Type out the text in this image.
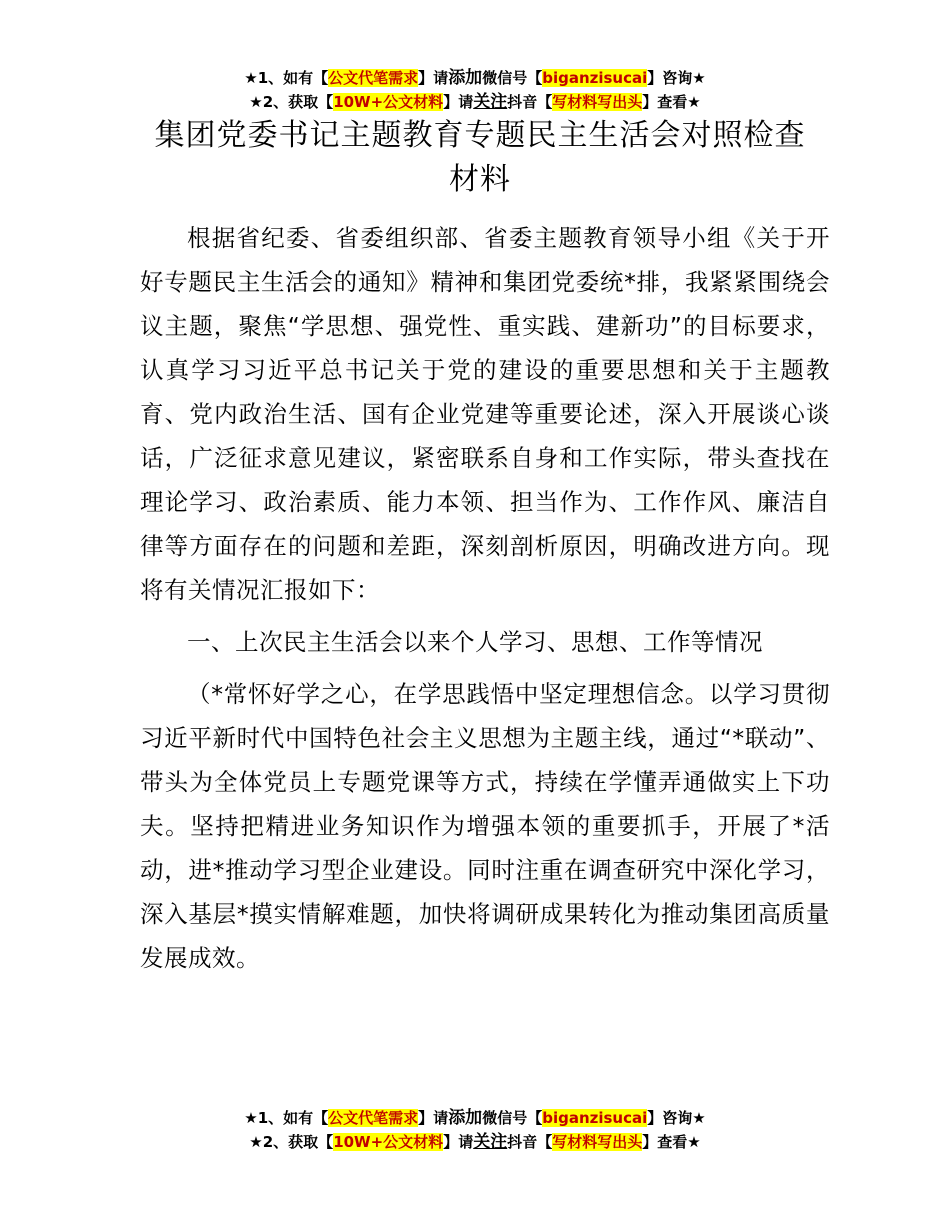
★1、如有【公文代笔需求】请添加微信号【biganzisucai】咨询★
★2、获取【10W+公文材料】请关注抖音【写材料写出头】查看★
集团党委书记主题教育专题民主生活会对照检查材料

根据省纪委、省委组织部、省委主题教育领导小组《关于开好专题民主生活会的通知》精神和集团党委统*排，我紧紧围绕会议主题，聚焦“学思想、强党性、重实践、建新功”的目标要求，认真学习习近平总书记关于党的建设的重要思想和关于主题教育、党内政治生活、国有企业党建等重要论述，深入开展谈心谈话，广泛征求意见建议，紧密联系自身和工作实际，带头查找在理论学习、政治素质、能力本领、担当作为、工作作风、廉洁自律等方面存在的问题和差距，深刻剖析原因，明确改进方向。现将有关情况汇报如下：

一、上次民主生活会以来个人学习、思想、工作等情况

（*常怀好学之心，在学思践悟中坚定理想信念。以学习贯彻习近平新时代中国特色社会主义思想为主题主线，通过“*联动”、带头为全体党员上专题党课等方式，持续在学懂弄通做实上下功夫。坚持把精进业务知识作为增强本领的重要抓手，开展了*活动，进*推动学习型企业建设。同时注重在调查研究中深化学习，深入基层*摸实情解难题，加快将调研成果转化为推动集团高质量发展成效。

★1、如有【公文代笔需求】请添加微信号【biganzisucai】咨询★
★2、获取【10W+公文材料】请关注抖音【写材料写出头】查看★
